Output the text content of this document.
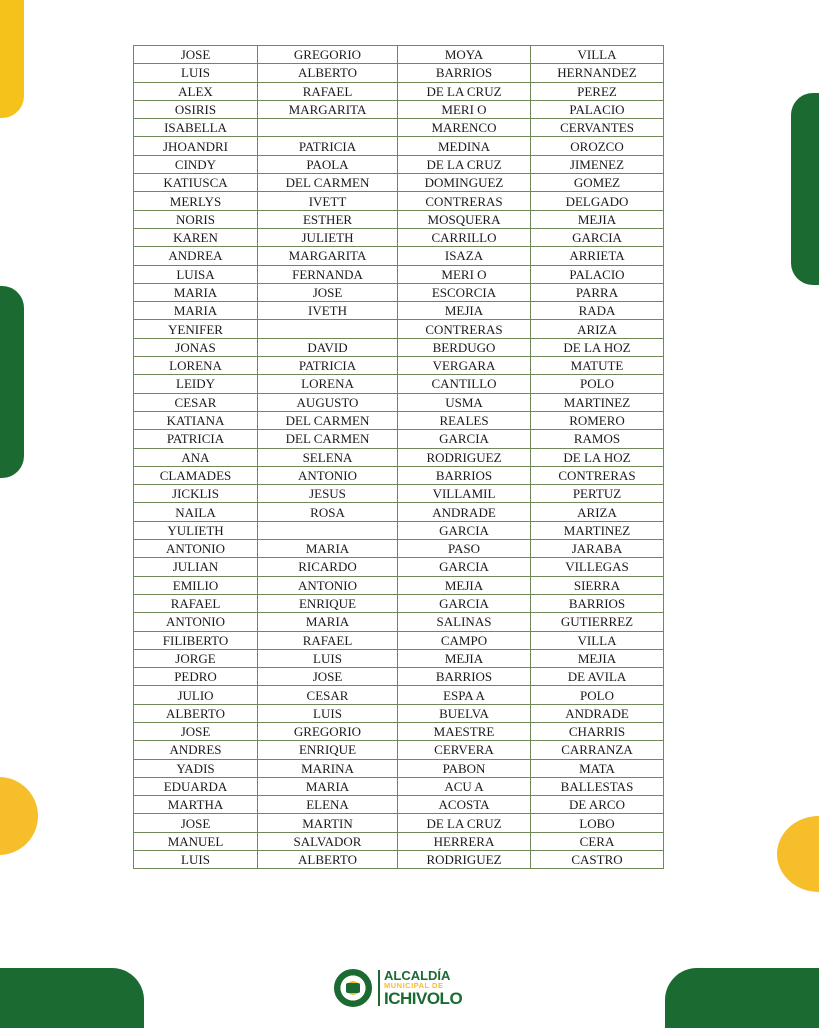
JOSE	GREGORIO	MOYA	VILLA
LUIS	ALBERTO	BARRIOS	HERNANDEZ
ALEX	RAFAEL	DE LA CRUZ	PEREZ
OSIRIS	MARGARITA	MERI O	PALACIO
ISABELLA		MARENCO	CERVANTES
JHOANDRI	PATRICIA	MEDINA	OROZCO
CINDY	PAOLA	DE LA CRUZ	JIMENEZ
KATIUSCA	DEL CARMEN	DOMINGUEZ	GOMEZ
MERLYS	IVETT	CONTRERAS	DELGADO
NORIS	ESTHER	MOSQUERA	MEJIA
KAREN	JULIETH	CARRILLO	GARCIA
ANDREA	MARGARITA	ISAZA	ARRIETA
LUISA	FERNANDA	MERI O	PALACIO
MARIA	JOSE	ESCORCIA	PARRA
MARIA	IVETH	MEJIA	RADA
YENIFER		CONTRERAS	ARIZA
JONAS	DAVID	BERDUGO	DE LA HOZ
LORENA	PATRICIA	VERGARA	MATUTE
LEIDY	LORENA	CANTILLO	POLO
CESAR	AUGUSTO	USMA	MARTINEZ
KATIANA	DEL CARMEN	REALES	ROMERO
PATRICIA	DEL CARMEN	GARCIA	RAMOS
ANA	SELENA	RODRIGUEZ	DE LA HOZ
CLAMADES	ANTONIO	BARRIOS	CONTRERAS
JICKLIS	JESUS	VILLAMIL	PERTUZ
NAILA	ROSA	ANDRADE	ARIZA
YULIETH		GARCIA	MARTINEZ
ANTONIO	MARIA	PASO	JARABA
JULIAN	RICARDO	GARCIA	VILLEGAS
EMILIO	ANTONIO	MEJIA	SIERRA
RAFAEL	ENRIQUE	GARCIA	BARRIOS
ANTONIO	MARIA	SALINAS	GUTIERREZ
FILIBERTO	RAFAEL	CAMPO	VILLA
JORGE	LUIS	MEJIA	MEJIA
PEDRO	JOSE	BARRIOS	DE AVILA
JULIO	CESAR	ESPA A	POLO
ALBERTO	LUIS	BUELVA	ANDRADE
JOSE	GREGORIO	MAESTRE	CHARRIS
ANDRES	ENRIQUE	CERVERA	CARRANZA
YADIS	MARINA	PABON	MATA
EDUARDA	MARIA	ACU A	BALLESTAS
MARTHA	ELENA	ACOSTA	DE ARCO
JOSE	MARTIN	DE LA CRUZ	LOBO
MANUEL	SALVADOR	HERRERA	CERA
LUIS	ALBERTO	RODRIGUEZ	CASTRO
ALCALDÍA
MUNICIPAL DE
ICHIVOLO
